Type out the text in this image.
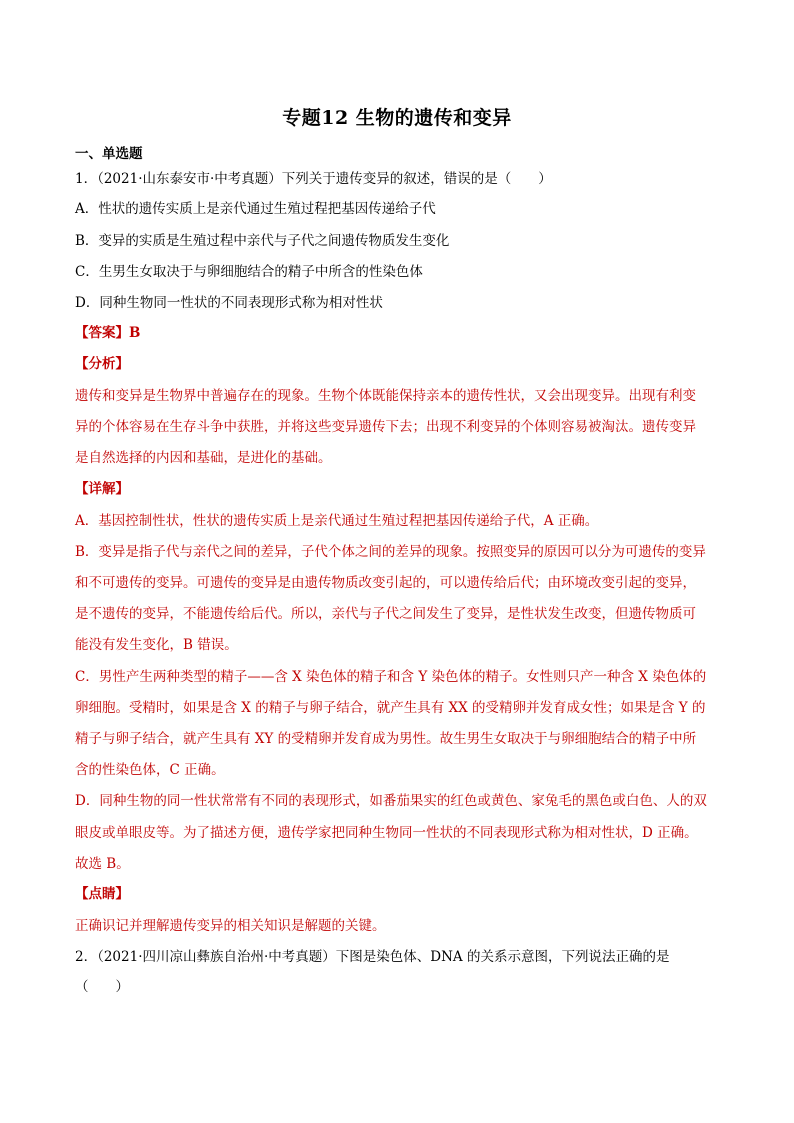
专题12 生物的遗传和变异
一、单选题
1．（2021·山东泰安市·中考真题）下列关于遗传变异的叙述，错误的是（　　）
A．性状的遗传实质上是亲代通过生殖过程把基因传递给子代
B．变异的实质是生殖过程中亲代与子代之间遗传物质发生变化
C．生男生女取决于与卵细胞结合的精子中所含的性染色体
D．同种生物同一性状的不同表现形式称为相对性状
【答案】B
【分析】
遗传和变异是生物界中普遍存在的现象。生物个体既能保持亲本的遗传性状，又会出现变异。出现有利变
异的个体容易在生存斗争中获胜，并将这些变异遗传下去；出现不利变异的个体则容易被淘汰。遗传变异
是自然选择的内因和基础，是进化的基础。
【详解】
A．基因控制性状，性状的遗传实质上是亲代通过生殖过程把基因传递给子代，A 正确。
B．变异是指子代与亲代之间的差异，子代个体之间的差异的现象。按照变异的原因可以分为可遗传的变异
和不可遗传的变异。可遗传的变异是由遗传物质改变引起的，可以遗传给后代；由环境改变引起的变异，
是不遗传的变异，不能遗传给后代。所以，亲代与子代之间发生了变异，是性状发生改变，但遗传物质可
能没有发生变化，B 错误。
C．男性产生两种类型的精子——含 X 染色体的精子和含 Y 染色体的精子。女性则只产一种含 X 染色体的
卵细胞。受精时，如果是含 X 的精子与卵子结合，就产生具有 XX 的受精卵并发育成女性；如果是含 Y 的
精子与卵子结合，就产生具有 XY 的受精卵并发育成为男性。故生男生女取决于与卵细胞结合的精子中所
含的性染色体，C 正确。
D．同种生物的同一性状常常有不同的表现形式，如番茄果实的红色或黄色、家兔毛的黑色或白色、人的双
眼皮或单眼皮等。为了描述方便，遗传学家把同种生物同一性状的不同表现形式称为相对性状，D 正确。
故选 B。
【点睛】
正确识记并理解遗传变异的相关知识是解题的关键。
2．（2021·四川凉山彝族自治州·中考真题）下图是染色体、DNA 的关系示意图，下列说法正确的是
（　　）
